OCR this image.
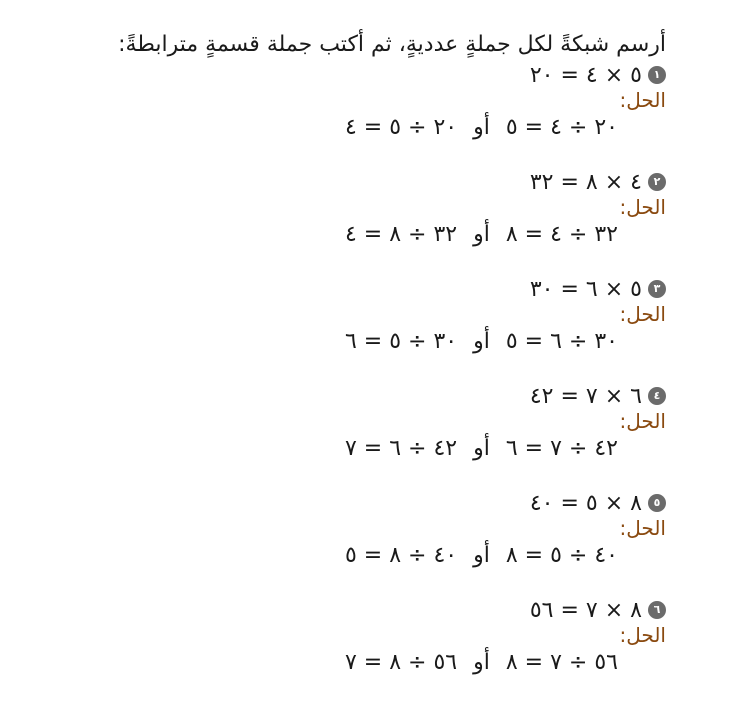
أرسم شبكةً لكل جملةٍ عدديةٍ، ثم أكتب جملة قسمةٍ مترابطةً:
١
٥ × ٤ = ٢٠
الحل:
٢٠ ÷ ٤ = ٥
أو
٢٠ ÷ ٥ = ٤
٢
٤ × ٨ = ٣٢
الحل:
٣٢ ÷ ٤ = ٨
أو
٣٢ ÷ ٨ = ٤
٣
٥ × ٦ = ٣٠
الحل:
٣٠ ÷ ٦ = ٥
أو
٣٠ ÷ ٥ = ٦
٤
٦ × ٧ = ٤٢
الحل:
٤٢ ÷ ٧ = ٦
أو
٤٢ ÷ ٦ = ٧
٥
٨ × ٥ = ٤٠
الحل:
٤٠ ÷ ٥ = ٨
أو
٤٠ ÷ ٨ = ٥
٦
٨ × ٧ = ٥٦
الحل:
٥٦ ÷ ٧ = ٨
أو
٥٦ ÷ ٨ = ٧
